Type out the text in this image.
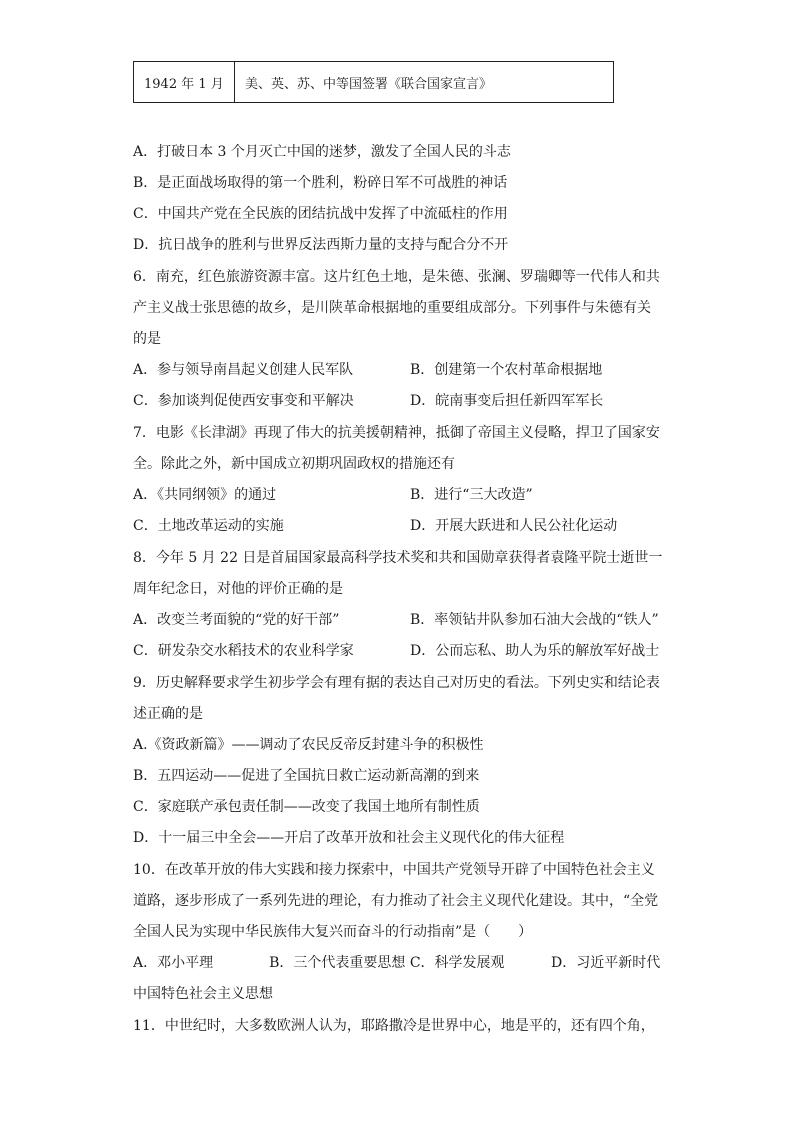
1942 年 1 月	美、英、苏、中等国签署《联合国家宣言》
A．打破日本 3 个月灭亡中国的迷梦，激发了全国人民的斗志
B．是正面战场取得的第一个胜利，粉碎日军不可战胜的神话
C．中国共产党在全民族的团结抗战中发挥了中流砥柱的作用
D．抗日战争的胜利与世界反法西斯力量的支持与配合分不开
6．南充，红色旅游资源丰富。这片红色土地，是朱德、张澜、罗瑞卿等一代伟人和共
产主义战士张思德的故乡，是川陕革命根据地的重要组成部分。下列事件与朱德有关
的是
A．参与领导南昌起义创建人民军队	B．创建第一个农村革命根据地
C．参加谈判促使西安事变和平解决	D．皖南事变后担任新四军军长
7．电影《长津湖》再现了伟大的抗美援朝精神，抵御了帝国主义侵略，捍卫了国家安
全。除此之外，新中国成立初期巩固政权的措施还有
A．《共同纲领》的通过	B．进行“三大改造”
C．土地改革运动的实施	D．开展大跃进和人民公社化运动
8．今年 5 月 22 日是首届国家最高科学技术奖和共和国勋章获得者袁隆平院士逝世一
周年纪念日，对他的评价正确的是
A．改变兰考面貌的“党的好干部”	B．率领钻井队参加石油大会战的“铁人”
C．研发杂交水稻技术的农业科学家	D．公而忘私、助人为乐的解放军好战士
9．历史解释要求学生初步学会有理有据的表达自己对历史的看法。下列史实和结论表
述正确的是
A.《资政新篇》——调动了农民反帝反封建斗争的积极性
B．五四运动——促进了全国抗日救亡运动新高潮的到来
C．家庭联产承包责任制——改变了我国土地所有制性质
D．十一届三中全会——开启了改革开放和社会主义现代化的伟大征程
10．在改革开放的伟大实践和接力探索中，中国共产党领导开辟了中国特色社会主义
道路，逐步形成了一系列先进的理论，有力推动了社会主义现代化建设。其中，“全党
全国人民为实现中华民族伟大复兴而奋斗的行动指南”是（　　）
A．邓小平理　　　　B．三个代表重要思想 C．科学发展观　　　 D．习近平新时代
中国特色社会主义思想
11．中世纪时，大多数欧洲人认为，耶路撒冷是世界中心，地是平的，还有四个角，
